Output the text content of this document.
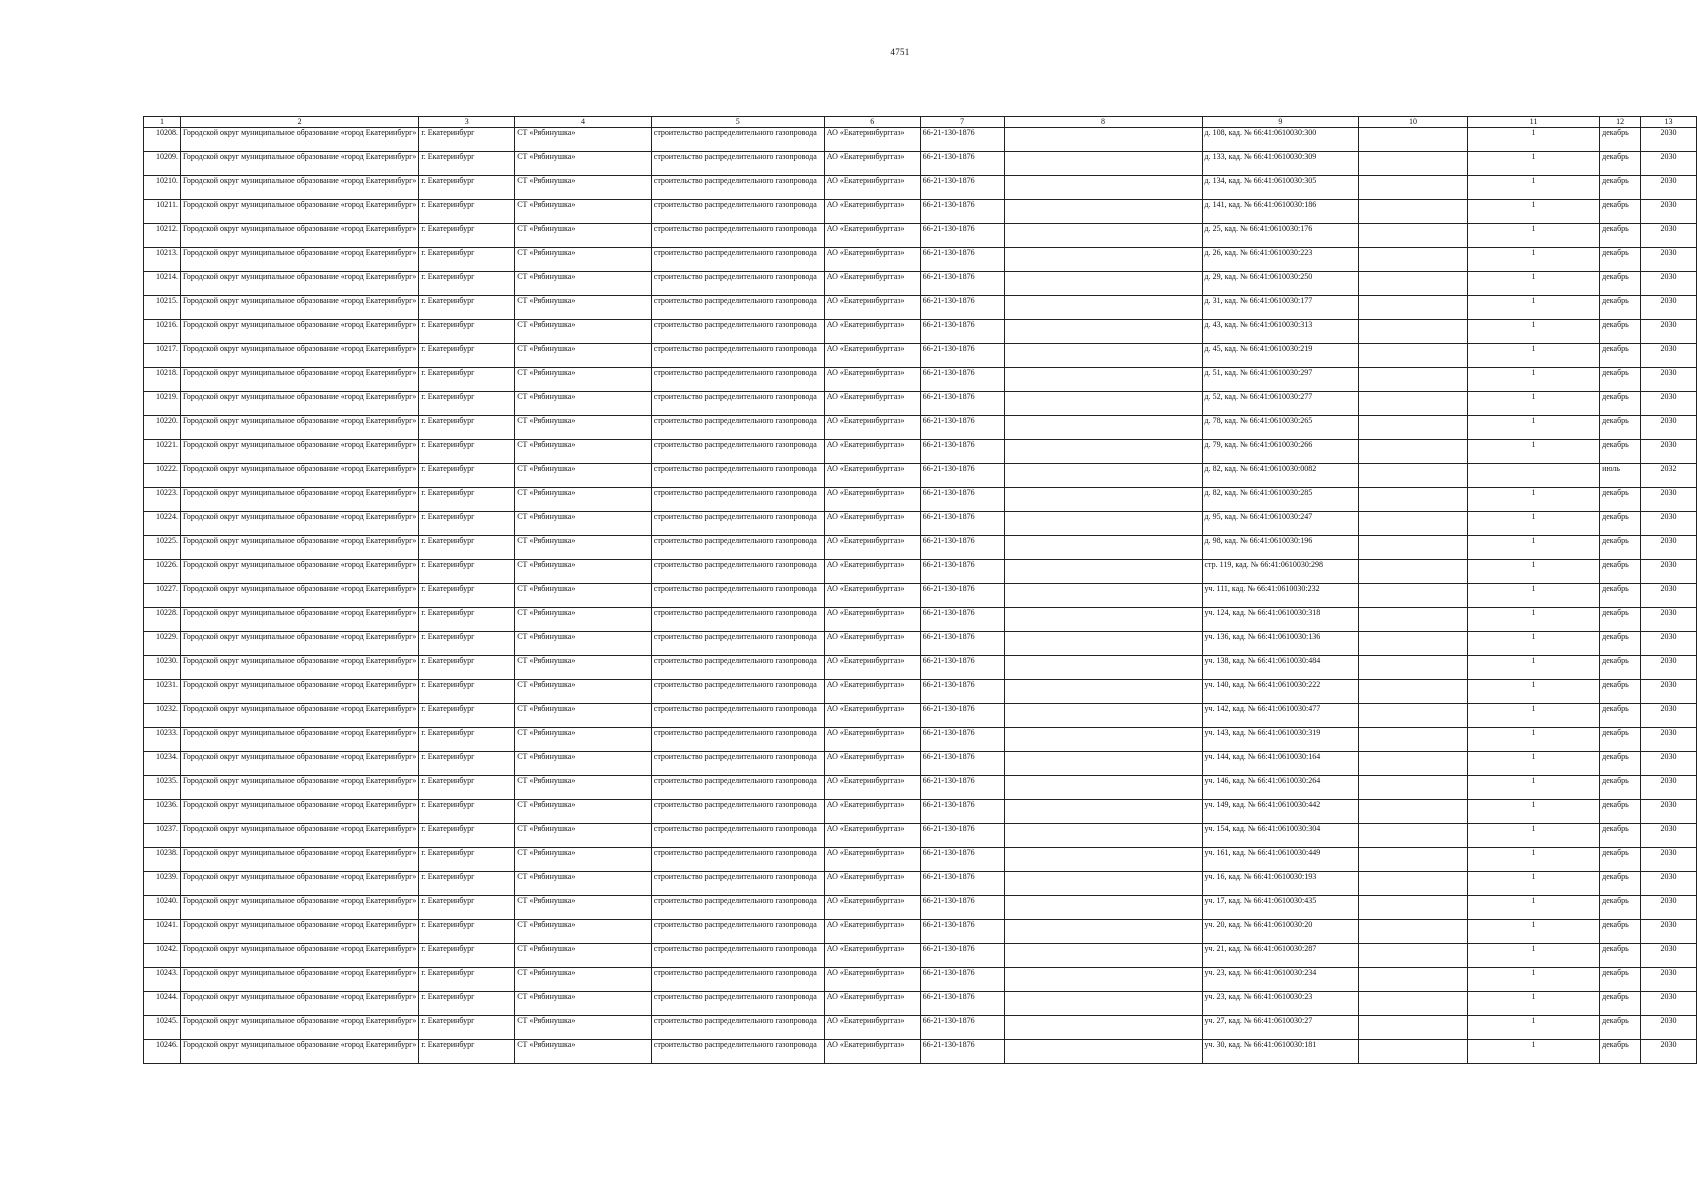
4751
1	2	3	4	5	6	7	8	9	10	11	12	13
10208.	Городской округ муниципальное образование «город Екатеринбург»	г. Екатеринбург	СТ «Рябинушка»	строительство распределительного газопровода	АО «Екатеринбурггаз»	66-21-130-1876		д. 108, кад. № 66:41:0610030:300		1	декабрь	2030
10209.	Городской округ муниципальное образование «город Екатеринбург»	г. Екатеринбург	СТ «Рябинушка»	строительство распределительного газопровода	АО «Екатеринбурггаз»	66-21-130-1876		д. 133, кад. № 66:41:0610030:309		1	декабрь	2030
10210.	Городской округ муниципальное образование «город Екатеринбург»	г. Екатеринбург	СТ «Рябинушка»	строительство распределительного газопровода	АО «Екатеринбурггаз»	66-21-130-1876		д. 134, кад. № 66:41:0610030:305		1	декабрь	2030
10211.	Городской округ муниципальное образование «город Екатеринбург»	г. Екатеринбург	СТ «Рябинушка»	строительство распределительного газопровода	АО «Екатеринбурггаз»	66-21-130-1876		д. 141, кад. № 66:41:0610030:186		1	декабрь	2030
10212.	Городской округ муниципальное образование «город Екатеринбург»	г. Екатеринбург	СТ «Рябинушка»	строительство распределительного газопровода	АО «Екатеринбурггаз»	66-21-130-1876		д. 25, кад. № 66:41:0610030:176		1	декабрь	2030
10213.	Городской округ муниципальное образование «город Екатеринбург»	г. Екатеринбург	СТ «Рябинушка»	строительство распределительного газопровода	АО «Екатеринбурггаз»	66-21-130-1876		д. 26, кад. № 66:41:0610030:223		1	декабрь	2030
10214.	Городской округ муниципальное образование «город Екатеринбург»	г. Екатеринбург	СТ «Рябинушка»	строительство распределительного газопровода	АО «Екатеринбурггаз»	66-21-130-1876		д. 29, кад. № 66:41:0610030:250		1	декабрь	2030
10215.	Городской округ муниципальное образование «город Екатеринбург»	г. Екатеринбург	СТ «Рябинушка»	строительство распределительного газопровода	АО «Екатеринбурггаз»	66-21-130-1876		д. 31, кад. № 66:41:0610030:177		1	декабрь	2030
10216.	Городской округ муниципальное образование «город Екатеринбург»	г. Екатеринбург	СТ «Рябинушка»	строительство распределительного газопровода	АО «Екатеринбурггаз»	66-21-130-1876		д. 43, кад. № 66:41:0610030:313		1	декабрь	2030
10217.	Городской округ муниципальное образование «город Екатеринбург»	г. Екатеринбург	СТ «Рябинушка»	строительство распределительного газопровода	АО «Екатеринбурггаз»	66-21-130-1876		д. 45, кад. № 66:41:0610030:219		1	декабрь	2030
10218.	Городской округ муниципальное образование «город Екатеринбург»	г. Екатеринбург	СТ «Рябинушка»	строительство распределительного газопровода	АО «Екатеринбурггаз»	66-21-130-1876		д. 51, кад. № 66:41:0610030:297		1	декабрь	2030
10219.	Городской округ муниципальное образование «город Екатеринбург»	г. Екатеринбург	СТ «Рябинушка»	строительство распределительного газопровода	АО «Екатеринбурггаз»	66-21-130-1876		д. 52, кад. № 66:41:0610030:277		1	декабрь	2030
10220.	Городской округ муниципальное образование «город Екатеринбург»	г. Екатеринбург	СТ «Рябинушка»	строительство распределительного газопровода	АО «Екатеринбурггаз»	66-21-130-1876		д. 78, кад. № 66:41:0610030:265		1	декабрь	2030
10221.	Городской округ муниципальное образование «город Екатеринбург»	г. Екатеринбург	СТ «Рябинушка»	строительство распределительного газопровода	АО «Екатеринбурггаз»	66-21-130-1876		д. 79, кад. № 66:41:0610030:266		1	декабрь	2030
10222.	Городской округ муниципальное образование «город Екатеринбург»	г. Екатеринбург	СТ «Рябинушка»	строительство распределительного газопровода	АО «Екатеринбурггаз»	66-21-130-1876		д. 82, кад. № 66:41:0610030:0082			июль	2032
10223.	Городской округ муниципальное образование «город Екатеринбург»	г. Екатеринбург	СТ «Рябинушка»	строительство распределительного газопровода	АО «Екатеринбурггаз»	66-21-130-1876		д. 82, кад. № 66:41:0610030:285		1	декабрь	2030
10224.	Городской округ муниципальное образование «город Екатеринбург»	г. Екатеринбург	СТ «Рябинушка»	строительство распределительного газопровода	АО «Екатеринбурггаз»	66-21-130-1876		д. 95, кад. № 66:41:0610030:247		1	декабрь	2030
10225.	Городской округ муниципальное образование «город Екатеринбург»	г. Екатеринбург	СТ «Рябинушка»	строительство распределительного газопровода	АО «Екатеринбурггаз»	66-21-130-1876		д. 98, кад. № 66:41:0610030:196		1	декабрь	2030
10226.	Городской округ муниципальное образование «город Екатеринбург»	г. Екатеринбург	СТ «Рябинушка»	строительство распределительного газопровода	АО «Екатеринбурггаз»	66-21-130-1876		стр. 119, кад. № 66:41:0610030:298		1	декабрь	2030
10227.	Городской округ муниципальное образование «город Екатеринбург»	г. Екатеринбург	СТ «Рябинушка»	строительство распределительного газопровода	АО «Екатеринбурггаз»	66-21-130-1876		уч. 111, кад. № 66:41:0610030:232		1	декабрь	2030
10228.	Городской округ муниципальное образование «город Екатеринбург»	г. Екатеринбург	СТ «Рябинушка»	строительство распределительного газопровода	АО «Екатеринбурггаз»	66-21-130-1876		уч. 124, кад. № 66:41:0610030:318		1	декабрь	2030
10229.	Городской округ муниципальное образование «город Екатеринбург»	г. Екатеринбург	СТ «Рябинушка»	строительство распределительного газопровода	АО «Екатеринбурггаз»	66-21-130-1876		уч. 136, кад. № 66:41:0610030:136		1	декабрь	2030
10230.	Городской округ муниципальное образование «город Екатеринбург»	г. Екатеринбург	СТ «Рябинушка»	строительство распределительного газопровода	АО «Екатеринбурггаз»	66-21-130-1876		уч. 138, кад. № 66:41:0610030:484		1	декабрь	2030
10231.	Городской округ муниципальное образование «город Екатеринбург»	г. Екатеринбург	СТ «Рябинушка»	строительство распределительного газопровода	АО «Екатеринбурггаз»	66-21-130-1876		уч. 140, кад. № 66:41:0610030:222		1	декабрь	2030
10232.	Городской округ муниципальное образование «город Екатеринбург»	г. Екатеринбург	СТ «Рябинушка»	строительство распределительного газопровода	АО «Екатеринбурггаз»	66-21-130-1876		уч. 142, кад. № 66:41:0610030:477		1	декабрь	2030
10233.	Городской округ муниципальное образование «город Екатеринбург»	г. Екатеринбург	СТ «Рябинушка»	строительство распределительного газопровода	АО «Екатеринбурггаз»	66-21-130-1876		уч. 143, кад. № 66:41:0610030:319		1	декабрь	2030
10234.	Городской округ муниципальное образование «город Екатеринбург»	г. Екатеринбург	СТ «Рябинушка»	строительство распределительного газопровода	АО «Екатеринбурггаз»	66-21-130-1876		уч. 144, кад. № 66:41:0610030:164		1	декабрь	2030
10235.	Городской округ муниципальное образование «город Екатеринбург»	г. Екатеринбург	СТ «Рябинушка»	строительство распределительного газопровода	АО «Екатеринбурггаз»	66-21-130-1876		уч. 146, кад. № 66:41:0610030:264		1	декабрь	2030
10236.	Городской округ муниципальное образование «город Екатеринбург»	г. Екатеринбург	СТ «Рябинушка»	строительство распределительного газопровода	АО «Екатеринбурггаз»	66-21-130-1876		уч. 149, кад. № 66:41:0610030:442		1	декабрь	2030
10237.	Городской округ муниципальное образование «город Екатеринбург»	г. Екатеринбург	СТ «Рябинушка»	строительство распределительного газопровода	АО «Екатеринбурггаз»	66-21-130-1876		уч. 154, кад. № 66:41:0610030:304		1	декабрь	2030
10238.	Городской округ муниципальное образование «город Екатеринбург»	г. Екатеринбург	СТ «Рябинушка»	строительство распределительного газопровода	АО «Екатеринбурггаз»	66-21-130-1876		уч. 161, кад. № 66:41:0610030:449		1	декабрь	2030
10239.	Городской округ муниципальное образование «город Екатеринбург»	г. Екатеринбург	СТ «Рябинушка»	строительство распределительного газопровода	АО «Екатеринбурггаз»	66-21-130-1876		уч. 16, кад. № 66:41:0610030:193		1	декабрь	2030
10240.	Городской округ муниципальное образование «город Екатеринбург»	г. Екатеринбург	СТ «Рябинушка»	строительство распределительного газопровода	АО «Екатеринбурггаз»	66-21-130-1876		уч. 17, кад. № 66:41:0610030:435		1	декабрь	2030
10241.	Городской округ муниципальное образование «город Екатеринбург»	г. Екатеринбург	СТ «Рябинушка»	строительство распределительного газопровода	АО «Екатеринбурггаз»	66-21-130-1876		уч. 20, кад. № 66:41:0610030:20		1	декабрь	2030
10242.	Городской округ муниципальное образование «город Екатеринбург»	г. Екатеринбург	СТ «Рябинушка»	строительство распределительного газопровода	АО «Екатеринбурггаз»	66-21-130-1876		уч. 21, кад. № 66:41:0610030:287		1	декабрь	2030
10243.	Городской округ муниципальное образование «город Екатеринбург»	г. Екатеринбург	СТ «Рябинушка»	строительство распределительного газопровода	АО «Екатеринбурггаз»	66-21-130-1876		уч. 23, кад. № 66:41:0610030:234		1	декабрь	2030
10244.	Городской округ муниципальное образование «город Екатеринбург»	г. Екатеринбург	СТ «Рябинушка»	строительство распределительного газопровода	АО «Екатеринбурггаз»	66-21-130-1876		уч. 23, кад. № 66:41:0610030:23		1	декабрь	2030
10245.	Городской округ муниципальное образование «город Екатеринбург»	г. Екатеринбург	СТ «Рябинушка»	строительство распределительного газопровода	АО «Екатеринбурггаз»	66-21-130-1876		уч. 27, кад. № 66:41:0610030:27		1	декабрь	2030
10246.	Городской округ муниципальное образование «город Екатеринбург»	г. Екатеринбург	СТ «Рябинушка»	строительство распределительного газопровода	АО «Екатеринбурггаз»	66-21-130-1876		уч. 30, кад. № 66:41:0610030:181		1	декабрь	2030
